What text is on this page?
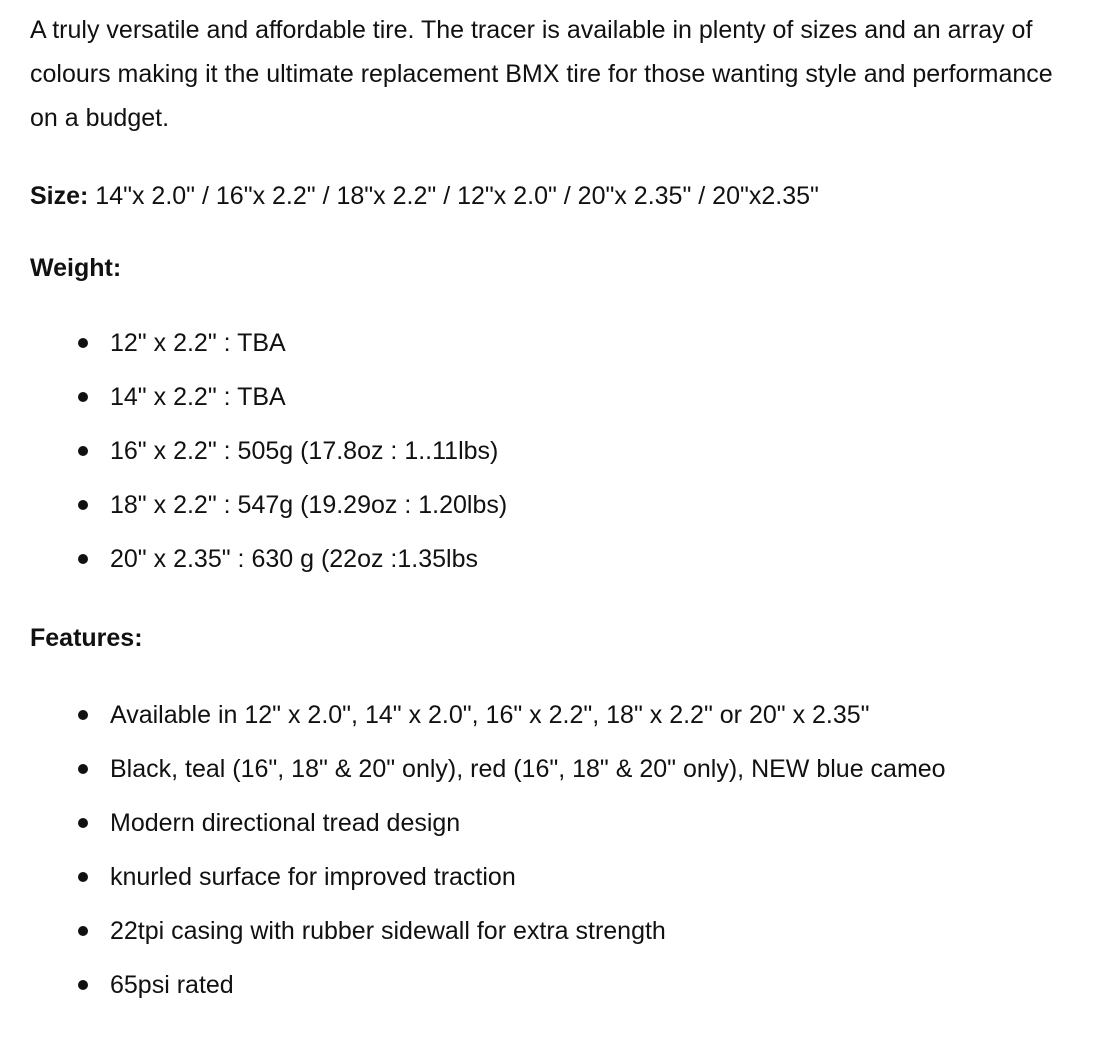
A truly versatile and affordable tire. The tracer is available in plenty of sizes and an array of colours making it the ultimate replacement BMX tire for those wanting style and performance on a budget.

Size: 14"x 2.0" / 16"x 2.2" / 18"x 2.2" / 12"x 2.0" / 20"x 2.35" / 20"x2.35"

Weight:
12" x 2.2" : TBA
14" x 2.2" : TBA
16" x 2.2" : 505g (17.8oz : 1..11lbs)
18" x 2.2" : 547g (19.29oz : 1.20lbs)
20" x 2.35" : 630 g (22oz :1.35lbs
Features:
Available in 12" x 2.0", 14" x 2.0", 16" x 2.2", 18" x 2.2" or 20" x 2.35"
Black, teal (16", 18" & 20" only), red (16", 18" & 20" only), NEW blue cameo
Modern directional tread design
knurled surface for improved traction
22tpi casing with rubber sidewall for extra strength
65psi rated
